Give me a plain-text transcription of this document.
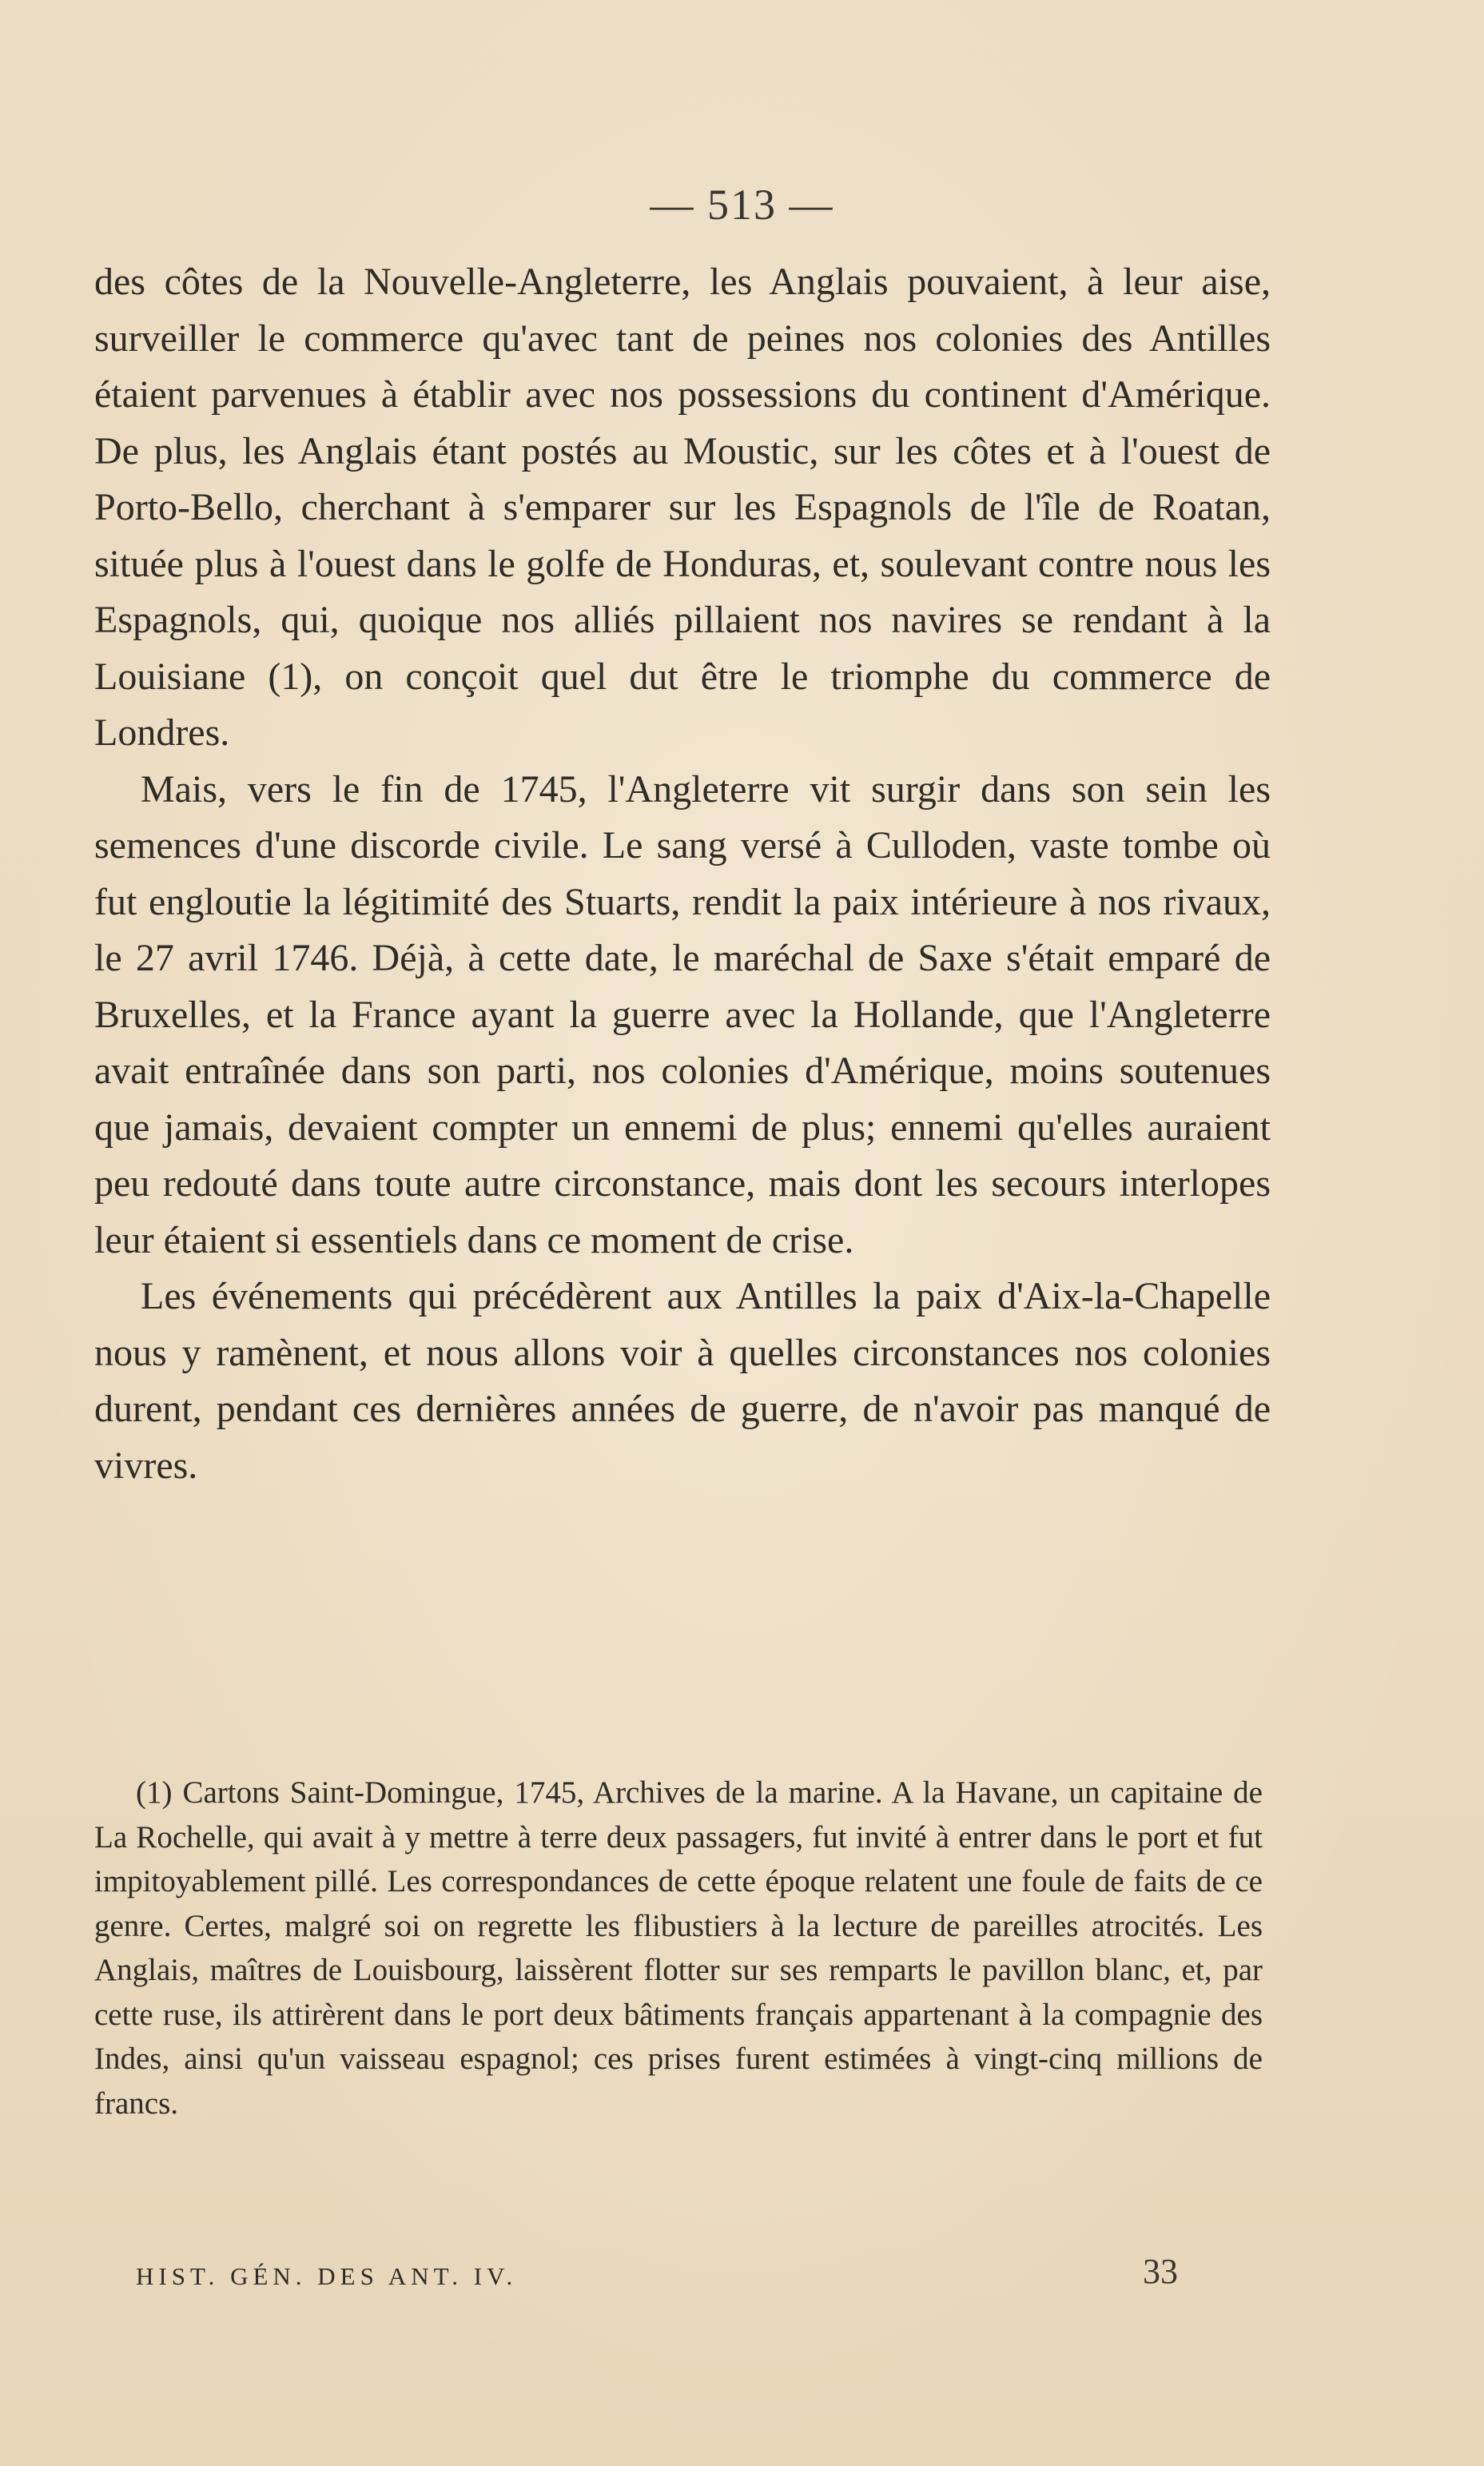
— 513 —

des côtes de la Nouvelle-Angleterre, les Anglais pouvaient, à leur aise, surveiller le commerce qu'avec tant de peines nos colonies des Antilles étaient parvenues à établir avec nos possessions du continent d'Amérique. De plus, les Anglais étant postés au Moustic, sur les côtes et à l'ouest de Porto-Bello, cherchant à s'emparer sur les Espagnols de l'île de Roatan, située plus à l'ouest dans le golfe de Honduras, et, soulevant contre nous les Espagnols, qui, quoique nos alliés pillaient nos navires se rendant à la Louisiane (1), on conçoit quel dut être le triomphe du commerce de Londres.

Mais, vers le fin de 1745, l'Angleterre vit surgir dans son sein les semences d'une discorde civile. Le sang versé à Culloden, vaste tombe où fut engloutie la légitimité des Stuarts, rendit la paix intérieure à nos rivaux, le 27 avril 1746. Déjà, à cette date, le maréchal de Saxe s'était emparé de Bruxelles, et la France ayant la guerre avec la Hollande, que l'Angleterre avait entraînée dans son parti, nos colonies d'Amérique, moins soutenues que jamais, devaient compter un ennemi de plus; ennemi qu'elles auraient peu redouté dans toute autre circonstance, mais dont les secours interlopes leur étaient si essentiels dans ce moment de crise.

Les événements qui précédèrent aux Antilles la paix d'Aix-la-Chapelle nous y ramènent, et nous allons voir à quelles circonstances nos colonies durent, pendant ces dernières années de guerre, de n'avoir pas manqué de vivres.

(1) Cartons Saint-Domingue, 1745, Archives de la marine. A la Havane, un capitaine de La Rochelle, qui avait à y mettre à terre deux passagers, fut invité à entrer dans le port et fut impitoyablement pillé. Les correspondances de cette époque relatent une foule de faits de ce genre. Certes, malgré soi on regrette les flibustiers à la lecture de pareilles atrocités. Les Anglais, maîtres de Louisbourg, laissèrent flotter sur ses remparts le pavillon blanc, et, par cette ruse, ils attirèrent dans le port deux bâtiments français appartenant à la compagnie des Indes, ainsi qu'un vaisseau espagnol; ces prises furent estimées à vingt-cinq millions de francs.

HIST. GÉN. DES ANT. IV.	33
